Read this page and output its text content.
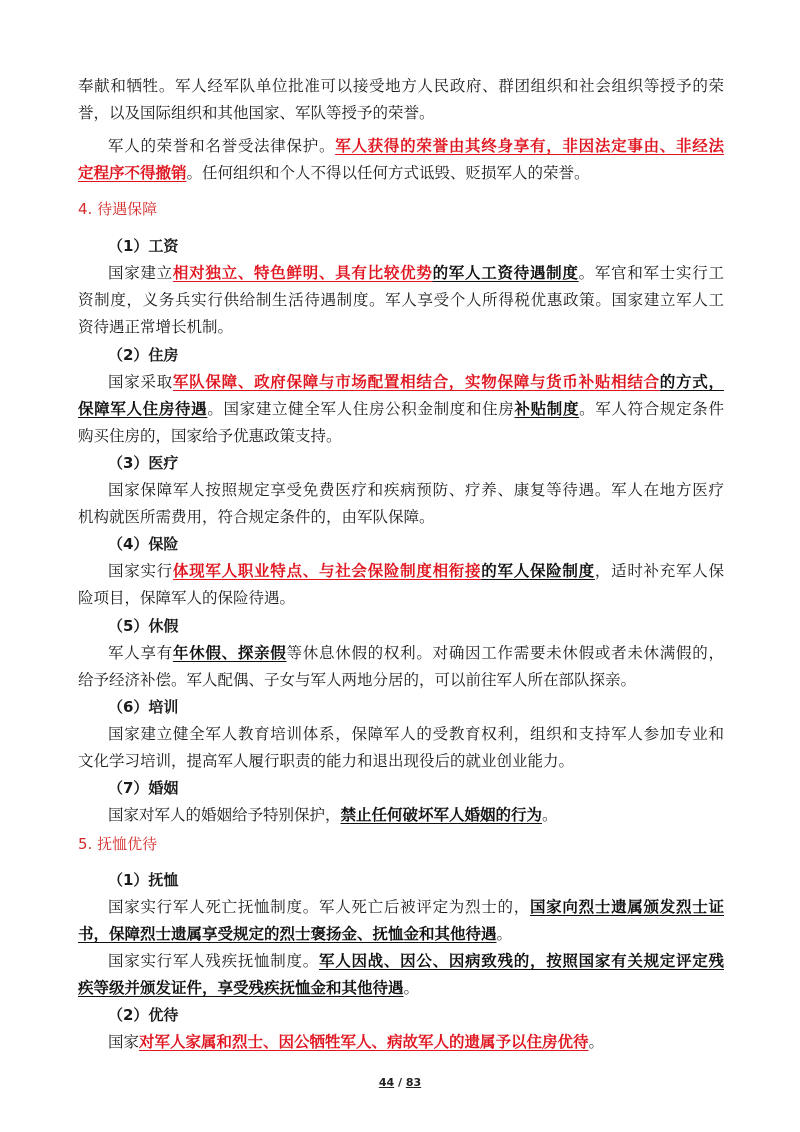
奉献和牺牲。军人经军队单位批准可以接受地方人民政府、群团组织和社会组织等授予的荣
誉，以及国际组织和其他国家、军队等授予的荣誉。
军人的荣誉和名誉受法律保护。军人获得的荣誉由其终身享有，非因法定事由、非经法
定程序不得撤销。任何组织和个人不得以任何方式诋毁、贬损军人的荣誉。
4. 待遇保障
（1）工资
国家建立相对独立、特色鲜明、具有比较优势的军人工资待遇制度。军官和军士实行工
资制度，义务兵实行供给制生活待遇制度。军人享受个人所得税优惠政策。国家建立军人工
资待遇正常增长机制。
（2）住房
国家采取军队保障、政府保障与市场配置相结合，实物保障与货币补贴相结合的方式，
保障军人住房待遇。国家建立健全军人住房公积金制度和住房补贴制度。军人符合规定条件
购买住房的，国家给予优惠政策支持。
（3）医疗
国家保障军人按照规定享受免费医疗和疾病预防、疗养、康复等待遇。军人在地方医疗
机构就医所需费用，符合规定条件的，由军队保障。
（4）保险
国家实行体现军人职业特点、与社会保险制度相衔接的军人保险制度，适时补充军人保
险项目，保障军人的保险待遇。
（5）休假
军人享有年休假、探亲假等休息休假的权利。对确因工作需要未休假或者未休满假的，
给予经济补偿。军人配偶、子女与军人两地分居的，可以前往军人所在部队探亲。
（6）培训
国家建立健全军人教育培训体系，保障军人的受教育权利，组织和支持军人参加专业和
文化学习培训，提高军人履行职责的能力和退出现役后的就业创业能力。
（7）婚姻
国家对军人的婚姻给予特别保护，禁止任何破坏军人婚姻的行为。
5. 抚恤优待
（1）抚恤
国家实行军人死亡抚恤制度。军人死亡后被评定为烈士的，国家向烈士遗属颁发烈士证
书，保障烈士遗属享受规定的烈士褒扬金、抚恤金和其他待遇。
国家实行军人残疾抚恤制度。军人因战、因公、因病致残的，按照国家有关规定评定残
疾等级并颁发证件，享受残疾抚恤金和其他待遇。
（2）优待
国家对军人家属和烈士、因公牺牲军人、病故军人的遗属予以住房优待。
44 / 83
